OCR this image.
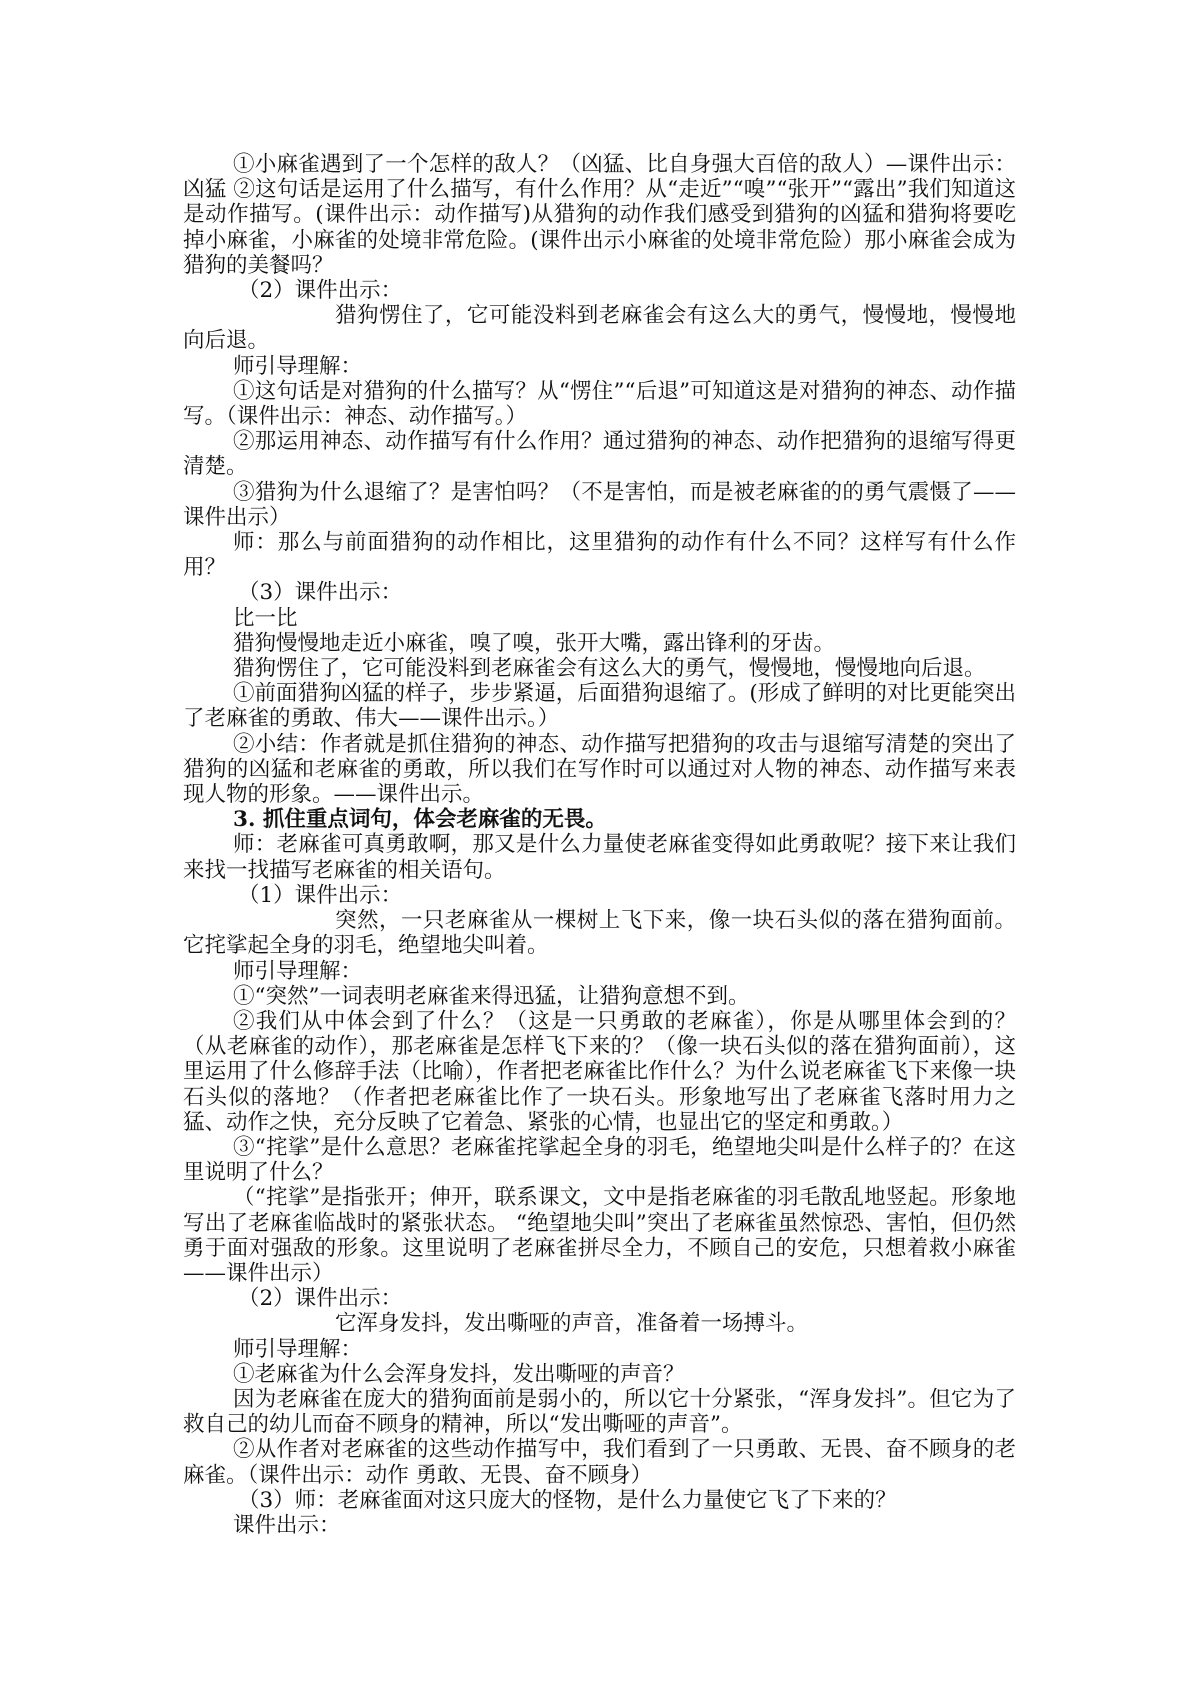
①小麻雀遇到了一个怎样的敌人？（凶猛、比自身强大百倍的敌人）—课件出示：凶猛 ②这句话是运用了什么描写，有什么作用？从“走近”“嗅”“张开”“露出”我们知道这是动作描写。(课件出示：动作描写)从猎狗的动作我们感受到猎狗的凶猛和猎狗将要吃掉小麻雀，小麻雀的处境非常危险。(课件出示小麻雀的处境非常危险）那小麻雀会成为猎狗的美餐吗？

（2）课件出示：

猎狗愣住了，它可能没料到老麻雀会有这么大的勇气，慢慢地，慢慢地向后退。

师引导理解：

①这句话是对猎狗的什么描写？从“愣住”“后退”可知道这是对猎狗的神态、动作描写。（课件出示：神态、动作描写。）

②那运用神态、动作描写有什么作用？通过猎狗的神态、动作把猎狗的退缩写得更清楚。

③猎狗为什么退缩了？是害怕吗？（不是害怕，而是被老麻雀的的勇气震慑了——课件出示）

师：那么与前面猎狗的动作相比，这里猎狗的动作有什么不同？这样写有什么作用？

（3）课件出示：

比一比

猎狗慢慢地走近小麻雀，嗅了嗅，张开大嘴，露出锋利的牙齿。

猎狗愣住了，它可能没料到老麻雀会有这么大的勇气，慢慢地，慢慢地向后退。

①前面猎狗凶猛的样子，步步紧逼，后面猎狗退缩了。(形成了鲜明的对比更能突出了老麻雀的勇敢、伟大——课件出示。）

②小结：作者就是抓住猎狗的神态、动作描写把猎狗的攻击与退缩写清楚的突出了猎狗的凶猛和老麻雀的勇敢，所以我们在写作时可以通过对人物的神态、动作描写来表现人物的形象。——课件出示。

3. 抓住重点词句，体会老麻雀的无畏。

师：老麻雀可真勇敢啊，那又是什么力量使老麻雀变得如此勇敢呢？接下来让我们来找一找描写老麻雀的相关语句。

（1）课件出示：

突然，一只老麻雀从一棵树上飞下来，像一块石头似的落在猎狗面前。它挓挲起全身的羽毛，绝望地尖叫着。

师引导理解：

①“突然”一词表明老麻雀来得迅猛，让猎狗意想不到。

②我们从中体会到了什么？（这是一只勇敢的老麻雀），你是从哪里体会到的？（从老麻雀的动作），那老麻雀是怎样飞下来的？（像一块石头似的落在猎狗面前），这里运用了什么修辞手法（比喻），作者把老麻雀比作什么？为什么说老麻雀飞下来像一块石头似的落地？（作者把老麻雀比作了一块石头。形象地写出了老麻雀飞落时用力之猛、动作之快，充分反映了它着急、紧张的心情，也显出它的坚定和勇敢。）

③“挓挲”是什么意思？老麻雀挓挲起全身的羽毛，绝望地尖叫是什么样子的？在这里说明了什么？

（“挓挲”是指张开；伸开，联系课文，文中是指老麻雀的羽毛散乱地竖起。形象地写出了老麻雀临战时的紧张状态。 “绝望地尖叫”突出了老麻雀虽然惊恐、害怕，但仍然勇于面对强敌的形象。这里说明了老麻雀拼尽全力，不顾自己的安危，只想着救小麻雀——课件出示）

（2）课件出示：

它浑身发抖，发出嘶哑的声音，准备着一场搏斗。

师引导理解：

①老麻雀为什么会浑身发抖，发出嘶哑的声音？

因为老麻雀在庞大的猎狗面前是弱小的，所以它十分紧张，“浑身发抖”。但它为了救自己的幼儿而奋不顾身的精神，所以“发出嘶哑的声音”。

②从作者对老麻雀的这些动作描写中，我们看到了一只勇敢、无畏、奋不顾身的老麻雀。（课件出示：动作 勇敢、无畏、奋不顾身）

（3）师：老麻雀面对这只庞大的怪物，是什么力量使它飞了下来的？

课件出示：
